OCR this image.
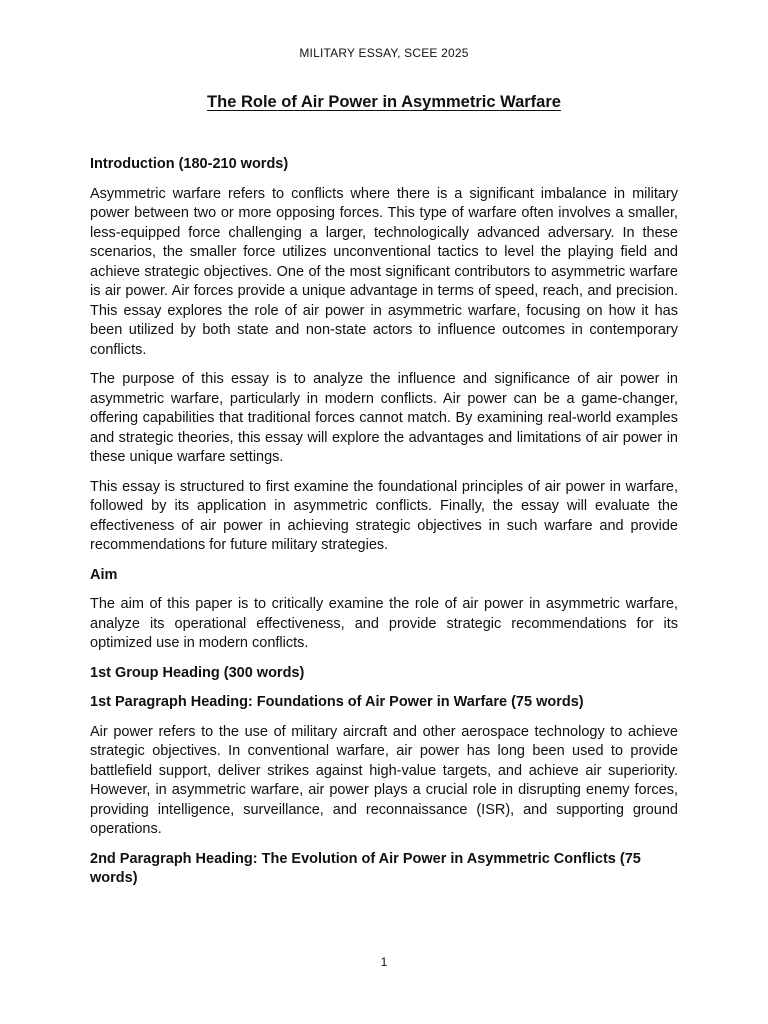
MILITARY ESSAY, SCEE 2025
The Role of Air Power in Asymmetric Warfare

Introduction (180-210 words)

Asymmetric warfare refers to conflicts where there is a significant imbalance in military power between two or more opposing forces. This type of warfare often involves a smaller, less-equipped force challenging a larger, technologically advanced adversary. In these scenarios, the smaller force utilizes unconventional tactics to level the playing field and achieve strategic objectives. One of the most significant contributors to asymmetric warfare is air power. Air forces provide a unique advantage in terms of speed, reach, and precision. This essay explores the role of air power in asymmetric warfare, focusing on how it has been utilized by both state and non-state actors to influence outcomes in contemporary conflicts.

The purpose of this essay is to analyze the influence and significance of air power in asymmetric warfare, particularly in modern conflicts. Air power can be a game-changer, offering capabilities that traditional forces cannot match. By examining real-world examples and strategic theories, this essay will explore the advantages and limitations of air power in these unique warfare settings.

This essay is structured to first examine the foundational principles of air power in warfare, followed by its application in asymmetric conflicts. Finally, the essay will evaluate the effectiveness of air power in achieving strategic objectives in such warfare and provide recommendations for future military strategies.

Aim

The aim of this paper is to critically examine the role of air power in asymmetric warfare, analyze its operational effectiveness, and provide strategic recommendations for its optimized use in modern conflicts.

1st Group Heading (300 words)

1st Paragraph Heading: Foundations of Air Power in Warfare (75 words)

Air power refers to the use of military aircraft and other aerospace technology to achieve strategic objectives. In conventional warfare, air power has long been used to provide battlefield support, deliver strikes against high-value targets, and achieve air superiority. However, in asymmetric warfare, air power plays a crucial role in disrupting enemy forces, providing intelligence, surveillance, and reconnaissance (ISR), and supporting ground operations.

2nd Paragraph Heading: The Evolution of Air Power in Asymmetric Conflicts (75 words)

1
